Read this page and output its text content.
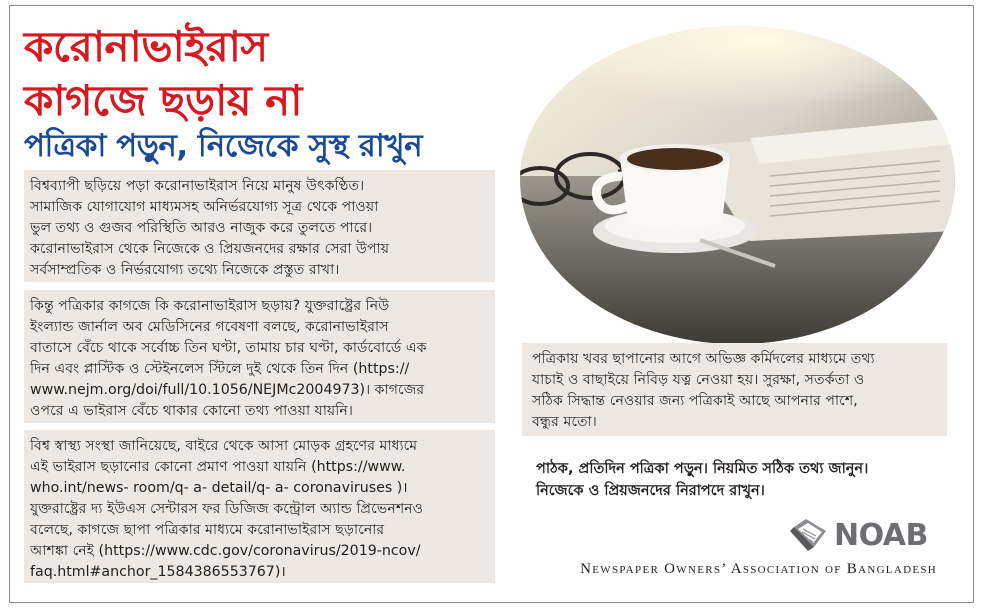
করোনাভাইরাস
কাগজে ছড়ায় না
পত্রিকা পড়ুন, নিজেকে সুস্থ রাখুন
বিশ্বব্যাপী ছড়িয়ে পড়া করোনাভাইরাস নিয়ে মানুষ উৎকণ্ঠিত।
সামাজিক যোগাযোগ মাধ্যমসহ অনির্ভরযোগ্য সূত্র থেকে পাওয়া
ভুল তথ্য ও গুজব পরিস্থিতি আরও নাজুক করে তুলতে পারে।
করোনাভাইরাস থেকে নিজেকে ও প্রিয়জনদের রক্ষার সেরা উপায়
সর্বসাম্প্রতিক ও নির্ভরযোগ্য তথ্যে নিজেকে প্রস্তুত রাখা।
কিন্তু পত্রিকার কাগজে কি করোনাভাইরাস ছড়ায়? যুক্তরাষ্ট্রের নিউ
ইংল্যান্ড জার্নাল অব মেডিসিনের গবেষণা বলছে, করোনাভাইরাস
বাতাসে বেঁচে থাকে সর্বোচ্চ তিন ঘণ্টা, তামায় চার ঘণ্টা, কার্ডবোর্ডে এক
দিন এবং প্লাস্টিক ও স্টেইনলেস স্টিলে দুই থেকে তিন দিন (https://
www.nejm.org/doi/full/10.1056/NEJMc2004973)। কাগজের
ওপরে এ ভাইরাস বেঁচে থাকার কোনো তথ্য পাওয়া যায়নি।
বিশ্ব স্বাস্থ্য সংস্থা জানিয়েছে, বাইরে থেকে আসা মোড়ক গ্রহণের মাধ্যমে
এই ভাইরাস ছড়ানোর কোনো প্রমাণ পাওয়া যায়নি (https://www.
who.int/news- room/q- a- detail/q- a- coronaviruses )।
যুক্তরাষ্ট্রের দ্য ইউএস সেন্টারস ফর ডিজিজ কন্ট্রোল অ্যান্ড প্রিভেনশনও
বলেছে, কাগজে ছাপা পত্রিকার মাধ্যমে করোনাভাইরাস ছড়ানোর
আশঙ্কা নেই (https://www.cdc.gov/coronavirus/2019-ncov/
faq.html#anchor_1584386553767)।
পত্রিকায় খবর ছাপানোর আগে অভিজ্ঞ কর্মিদলের মাধ্যমে তথ্য
যাচাই ও বাছাইয়ে নিবিড় যত্ন নেওয়া হয়। সুরক্ষা, সতর্কতা ও
সঠিক সিদ্ধান্ত নেওয়ার জন্য পত্রিকাই আছে আপনার পাশে,
বন্ধুর মতো।
পাঠক, প্রতিদিন পত্রিকা পড়ুন। নিয়মিত সঠিক তথ্য জানুন।
নিজেকে ও প্রিয়জনদের নিরাপদে রাখুন।
NOAB
Newspaper Owners’ Association of Bangladesh
